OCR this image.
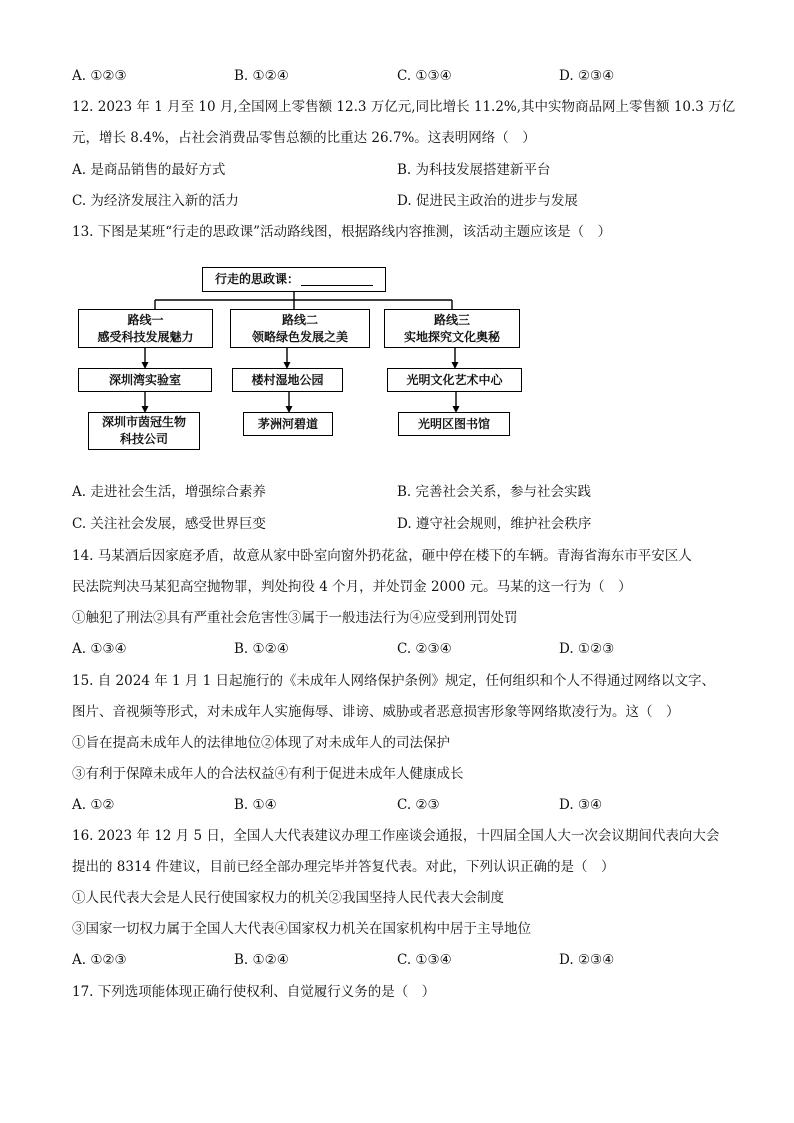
A. ①②③	B. ①②④	C. ①③④	D. ②③④
12. 2023 年 1 月至 10 月,全国网上零售额 12.3 万亿元,同比增长 11.2%,其中实物商品网上零售额 10.3 万亿
元，增长 8.4%，占社会消费品零售总额的比重达 26.7%。这表明网络（　）
A. 是商品销售的最好方式	B. 为科技发展搭建新平台
C. 为经济发展注入新的活力	D. 促进民主政治的进步与发展
13. 下图是某班“行走的思政课”活动路线图，根据路线内容推测，该活动主题应该是（　）
行走的思政课：
路线一
感受科技发展魅力
路线二
领略绿色发展之美
路线三
实地探究文化奥秘
深圳湾实验室	楼村湿地公园	光明文化艺术中心
深圳市茵冠生物
科技公司
茅洲河碧道	光明区图书馆
A. 走进社会生活，增强综合素养	B. 完善社会关系，参与社会实践
C. 关注社会发展，感受世界巨变	D. 遵守社会规则，维护社会秩序
14. 马某酒后因家庭矛盾，故意从家中卧室向窗外扔花盆，砸中停在楼下的车辆。青海省海东市平安区人
民法院判决马某犯高空抛物罪，判处拘役 4 个月，并处罚金 2000 元。马某的这一行为（　）
①触犯了刑法②具有严重社会危害性③属于一般违法行为④应受到刑罚处罚
A. ①③④	B. ①②④	C. ②③④	D. ①②③
15. 自 2024 年 1 月 1 日起施行的《未成年人网络保护条例》规定，任何组织和个人不得通过网络以文字、
图片、音视频等形式，对未成年人实施侮辱、诽谤、威胁或者恶意损害形象等网络欺凌行为。这（　）
①旨在提高未成年人的法律地位②体现了对未成年人的司法保护
③有利于保障未成年人的合法权益④有利于促进未成年人健康成长
A. ①②	B. ①④	C. ②③	D. ③④
16. 2023 年 12 月 5 日，全国人大代表建议办理工作座谈会通报，十四届全国人大一次会议期间代表向大会
提出的 8314 件建议，目前已经全部办理完毕并答复代表。对此，下列认识正确的是（　）
①人民代表大会是人民行使国家权力的机关②我国坚持人民代表大会制度
③国家一切权力属于全国人大代表④国家权力机关在国家机构中居于主导地位
A. ①②③	B. ①②④	C. ①③④	D. ②③④
17. 下列选项能体现正确行使权利、自觉履行义务的是（　）
